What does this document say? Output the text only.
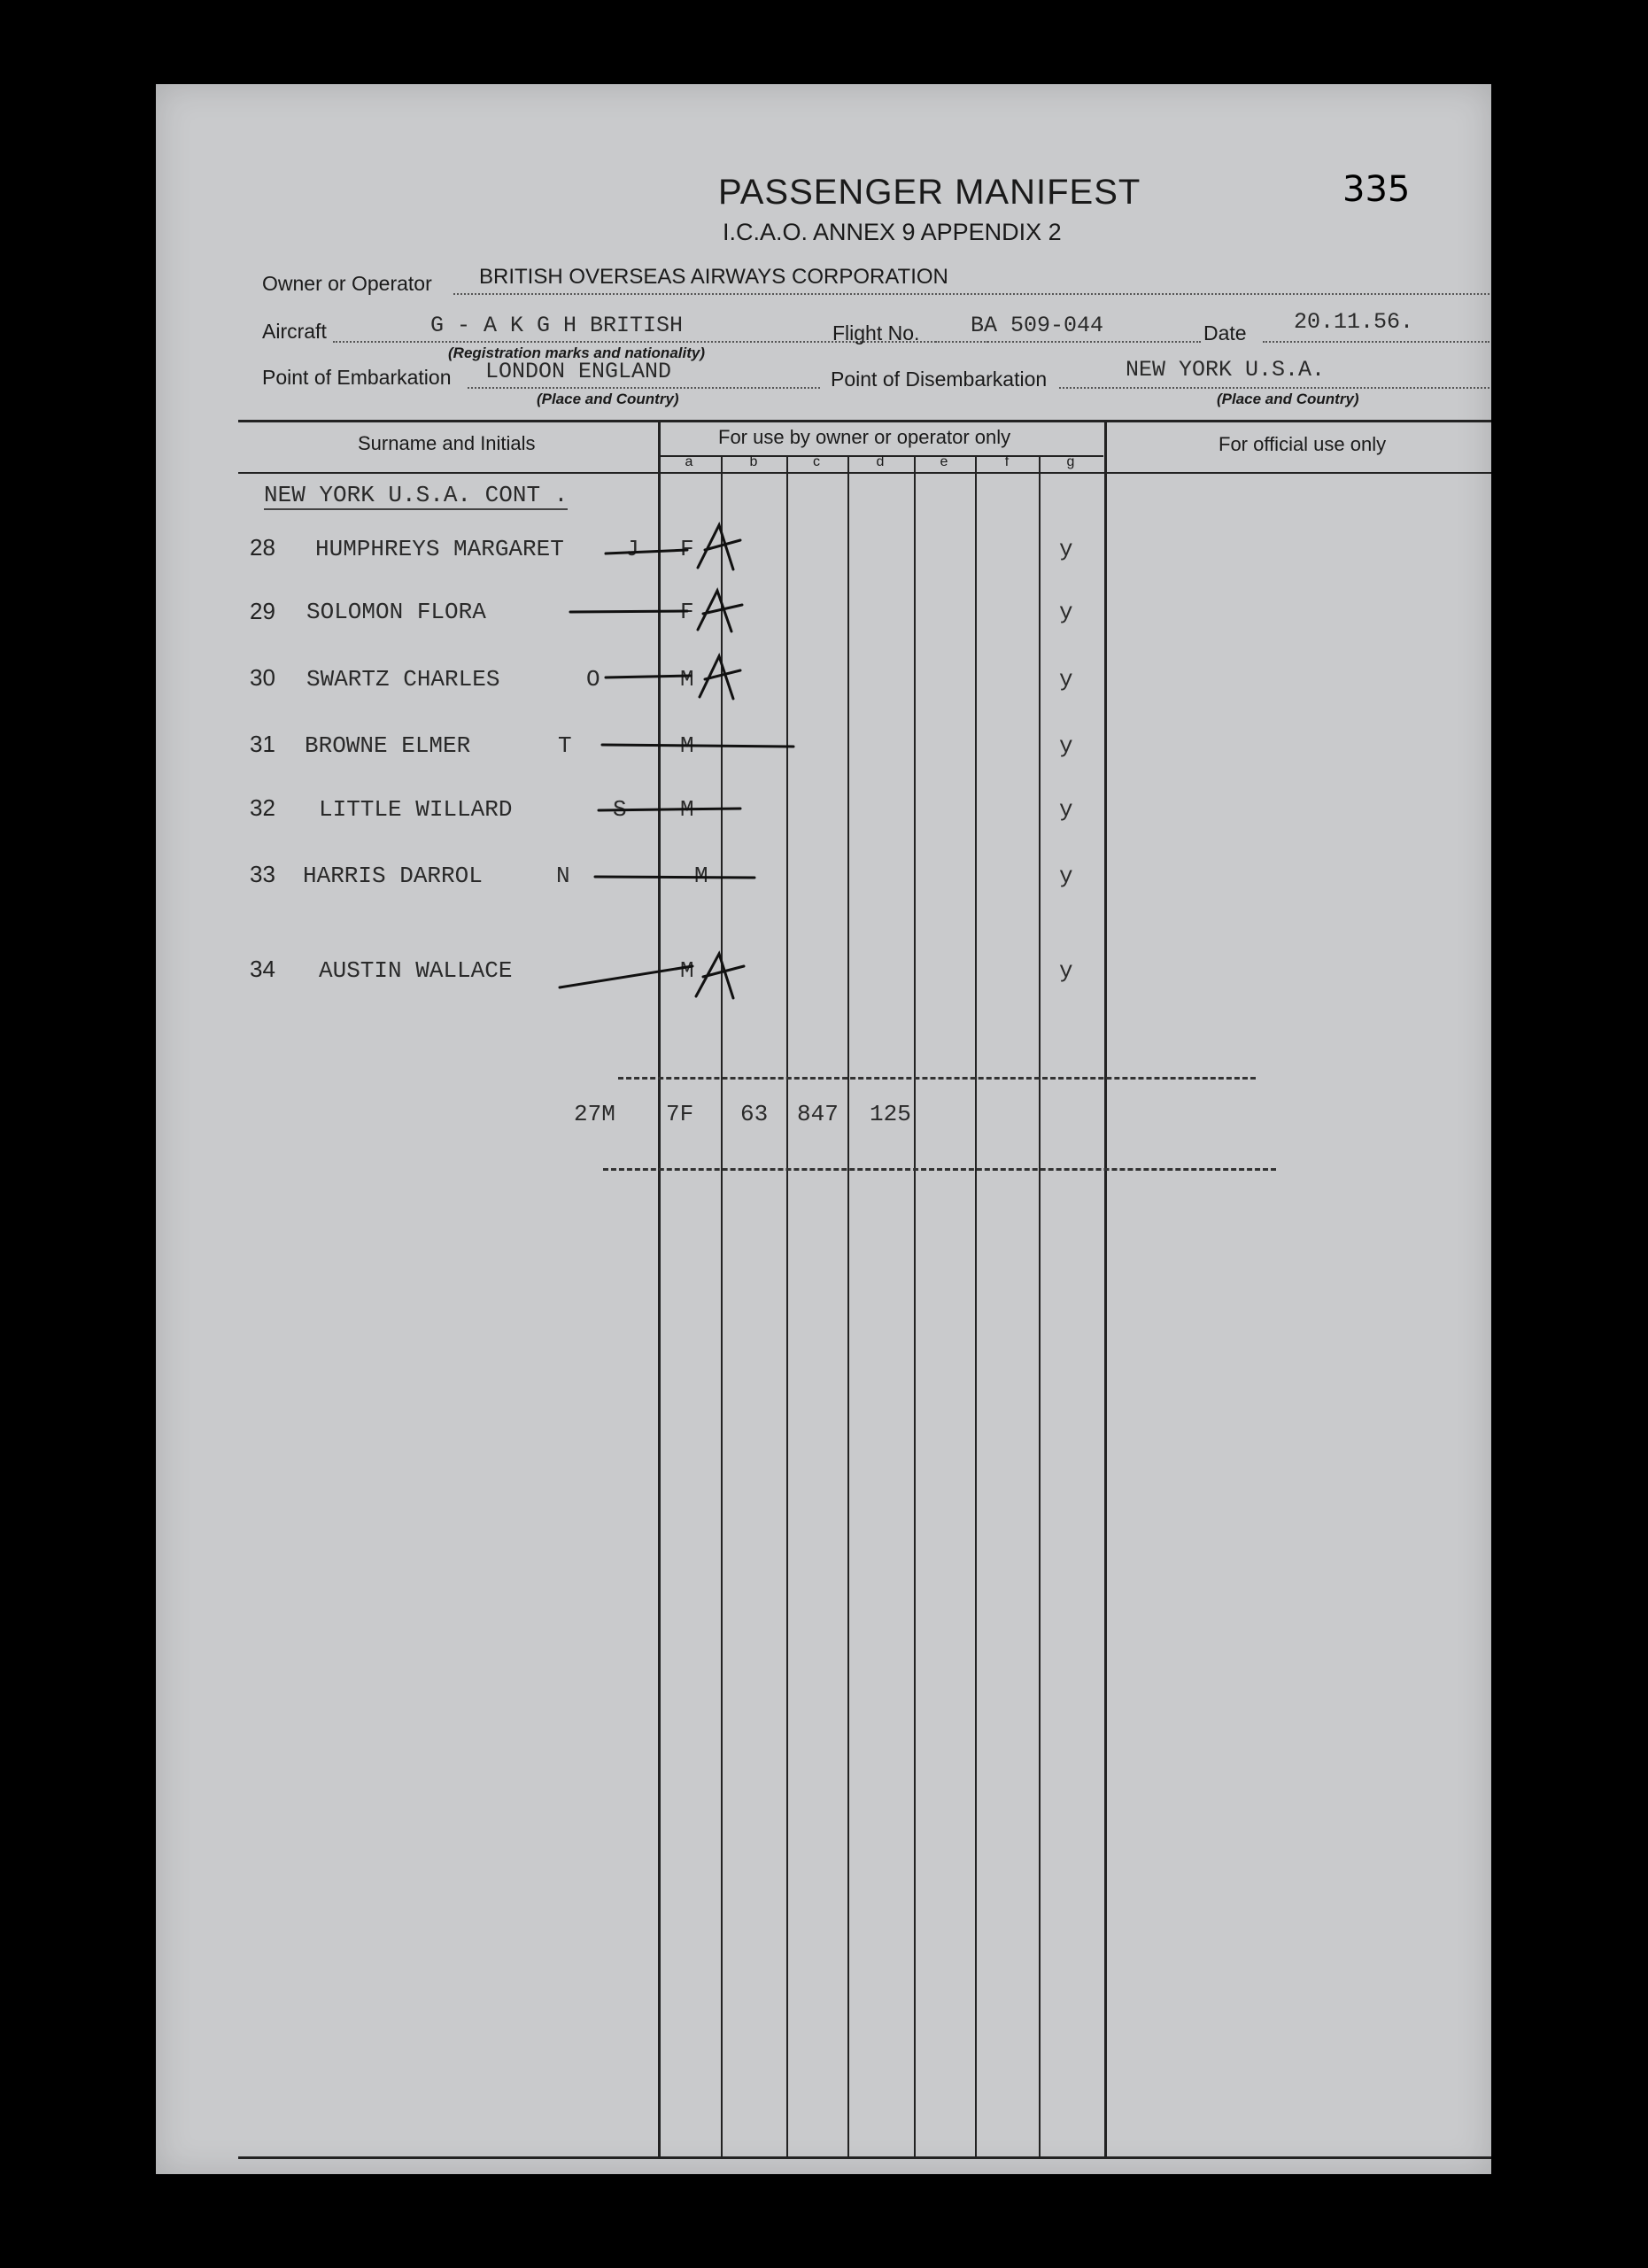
PASSENGER MANIFEST
I.C.A.O. ANNEX 9 APPENDIX 2
335
Owner or Operator BRITISH OVERSEAS AIRWAYS CORPORATION
Aircraft	G - A K G H BRITISH
(Registration marks and nationality)
Flight No. BA 509-044	Date 20.11.56.
Point of Embarkation LONDON ENGLAND
(Place and Country)
Point of Disembarkation	NEW YORK U.S.A.
(Place and Country)
Surname and Initials	For use by owner or operator only	For official use only
a	b	c	d	e	f	g
NEW YORK U.S.A. CONT .
28 HUMPHREYS MARGARET	J F	y
29 SOLOMON FLORA	F	y
30 SWARTZ CHARLES	O	M	y
31 BROWNE ELMER	T	M	y
32 LITTLE WILLARD	S M	y
33 HARRIS DARROL	N	M	y
34 AUSTIN WALLACE	M	y
27M 7F 63 847 125
